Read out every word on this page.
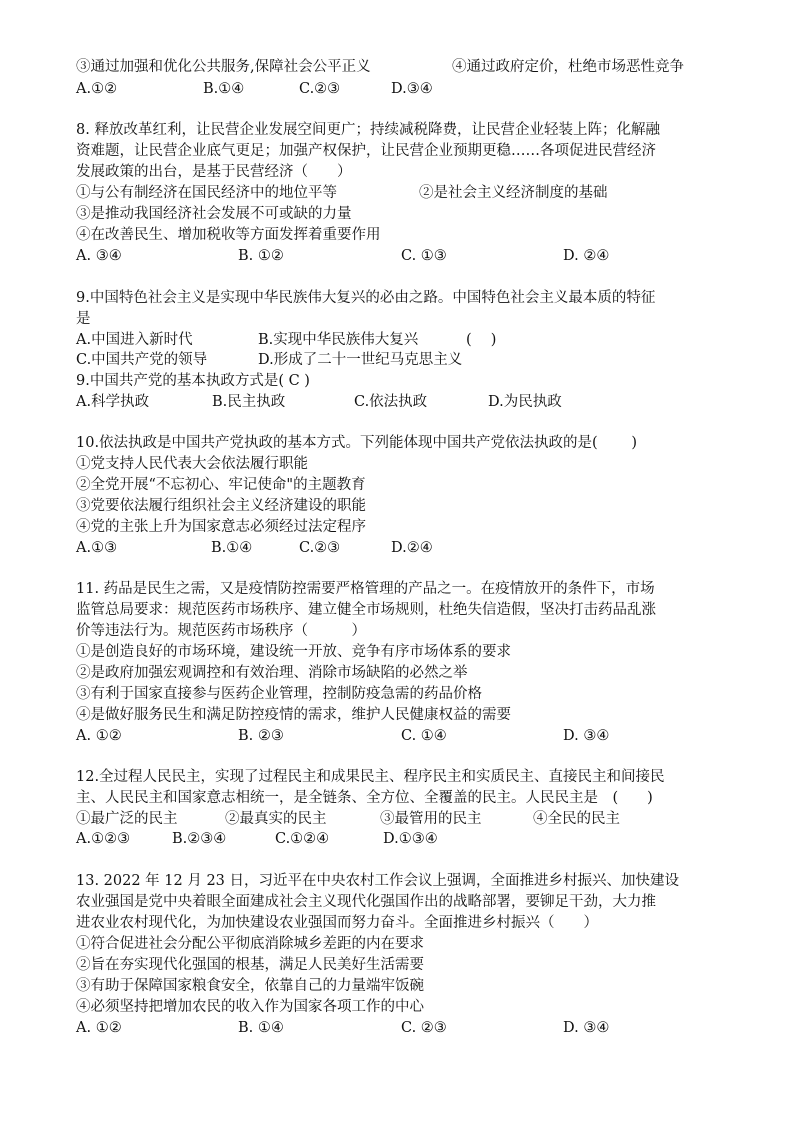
③通过加强和优化公共服务,保障社会公平正义	④通过政府定价，杜绝市场恶性竞争
A.①②	B.①④	C.②③	D.③④
8. 释放改革红利，让民营企业发展空间更广；持续减税降费，让民营企业轻装上阵；化解融
资难题，让民营企业底气更足；加强产权保护，让民营企业预期更稳……各项促进民营经济
发展政策的出台，是基于民营经济（　　）
①与公有制经济在国民经济中的地位平等	②是社会主义经济制度的基础
③是推动我国经济社会发展不可或缺的力量
④在改善民生、增加税收等方面发挥着重要作用
A. ③④	B. ①②	C. ①③	D. ②④
9.中国特色社会主义是实现中华民族伟大复兴的必由之路。中国特色社会主义最本质的特征
是
A.中国进入新时代	B.实现中华民族伟大复兴	(　 )
C.中国共产党的领导	D.形成了二十一世纪马克思主义
9.中国共产党的基本执政方式是( C )
A.科学执政	B.民主执政	C.依法执政	D.为民执政
10.依法执政是中国共产党执政的基本方式。下列能体现中国共产党依法执政的是(　　 )
①党支持人民代表大会依法履行职能
②全党开展“不忘初心、牢记使命"的主题教育
③党要依法履行组织社会主义经济建设的职能
④党的主张上升为国家意志必须经过法定程序
A.①③	B.①④	C.②③	D.②④
11. 药品是民生之需，又是疫情防控需要严格管理的产品之一。在疫情放开的条件下，市场
监管总局要求：规范医药市场秩序、建立健全市场规则，杜绝失信造假，坚决打击药品乱涨
价等违法行为。规范医药市场秩序（　　　）
①是创造良好的市场环境，建设统一开放、竞争有序市场体系的要求
②是政府加强宏观调控和有效治理、消除市场缺陷的必然之举
③有利于国家直接参与医药企业管理，控制防疫急需的药品价格
④是做好服务民生和满足防控疫情的需求，维护人民健康权益的需要
A. ①②	B. ②③	C. ①④	D. ③④
12.全过程人民民主，实现了过程民主和成果民主、程序民主和实质民主、直接民主和间接民
主、人民民主和国家意志相统一，是全链条、全方位、全覆盖的民主。人民民主是　(　　)
①最广泛的民主	②最真实的民主	③最管用的民主	④全民的民主
A.①②③	B.②③④	C.①②④	D.①③④
13. 2022 年 12 月 23 日，习近平在中央农村工作会议上强调，全面推进乡村振兴、加快建设
农业强国是党中央着眼全面建成社会主义现代化强国作出的战略部署，要铆足干劲，大力推
进农业农村现代化，为加快建设农业强国而努力奋斗。全面推进乡村振兴（　　）
①符合促进社会分配公平彻底消除城乡差距的内在要求
②旨在夯实现代化强国的根基，满足人民美好生活需要
③有助于保障国家粮食安全，依靠自己的力量端牢饭碗
④必须坚持把增加农民的收入作为国家各项工作的中心
A. ①②	B. ①④	C. ②③	D. ③④
